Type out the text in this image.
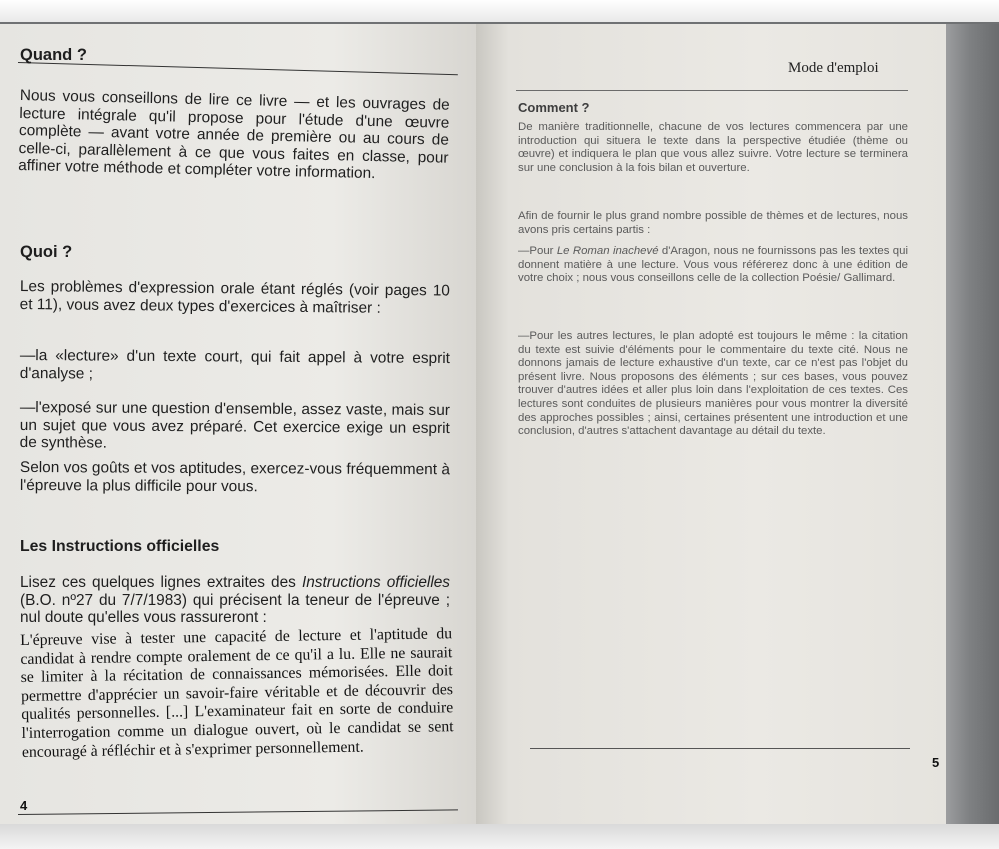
Quand ?

Nous vous conseillons de lire ce livre — et les ouvrages de lecture intégrale qu'il propose pour l'étude d'une œuvre complète — avant votre année de première ou au cours de celle-ci, parallèlement à ce que vous faites en classe, pour affiner votre méthode et compléter votre information.

Quoi ?

Les problèmes d'expression orale étant réglés (voir pages 10 et 11), vous avez deux types d'exercices à maîtriser :

—la «lecture» d'un texte court, qui fait appel à votre esprit d'analyse ;

—l'exposé sur une question d'ensemble, assez vaste, mais sur un sujet que vous avez préparé. Cet exercice exige un esprit de synthèse.

Selon vos goûts et vos aptitudes, exercez-vous fréquemment à l'épreuve la plus difficile pour vous.

Les Instructions officielles

Lisez ces quelques lignes extraites des Instructions officielles (B.O. nº27 du 7/7/1983) qui précisent la teneur de l'épreuve ; nul doute qu'elles vous rassureront :

L'épreuve vise à tester une capacité de lecture et l'aptitude du candidat à rendre compte oralement de ce qu'il a lu. Elle ne saurait se limiter à la récitation de connaissances mémorisées. Elle doit permettre d'apprécier un savoir-faire véritable et de découvrir des qualités personnelles. [...] L'examinateur fait en sorte de conduire l'interrogation comme un dialogue ouvert, où le candidat se sent encouragé à réfléchir et à s'exprimer personnellement.

4
Mode d'emploi
Comment ?

De manière traditionnelle, chacune de vos lectures commencera par une introduction qui situera le texte dans la perspective étudiée (thème ou œuvre) et indiquera le plan que vous allez suivre. Votre lecture se terminera sur une conclusion à la fois bilan et ouverture.

Afin de fournir le plus grand nombre possible de thèmes et de lectures, nous avons pris certains partis :

—Pour Le Roman inachevé d'Aragon, nous ne fournissons pas les textes qui donnent matière à une lecture. Vous vous référerez donc à une édition de votre choix ; nous vous conseillons celle de la collection Poésie/ Gallimard.

—Pour les autres lectures, le plan adopté est toujours le même : la citation du texte est suivie d'éléments pour le commentaire du texte cité. Nous ne donnons jamais de lecture exhaustive d'un texte, car ce n'est pas l'objet du présent livre. Nous proposons des éléments ; sur ces bases, vous pouvez trouver d'autres idées et aller plus loin dans l'exploitation de ces textes. Ces lectures sont conduites de plusieurs manières pour vous montrer la diversité des approches possibles ; ainsi, certaines présentent une introduction et une conclusion, d'autres s'attachent davantage au détail du texte.

5
